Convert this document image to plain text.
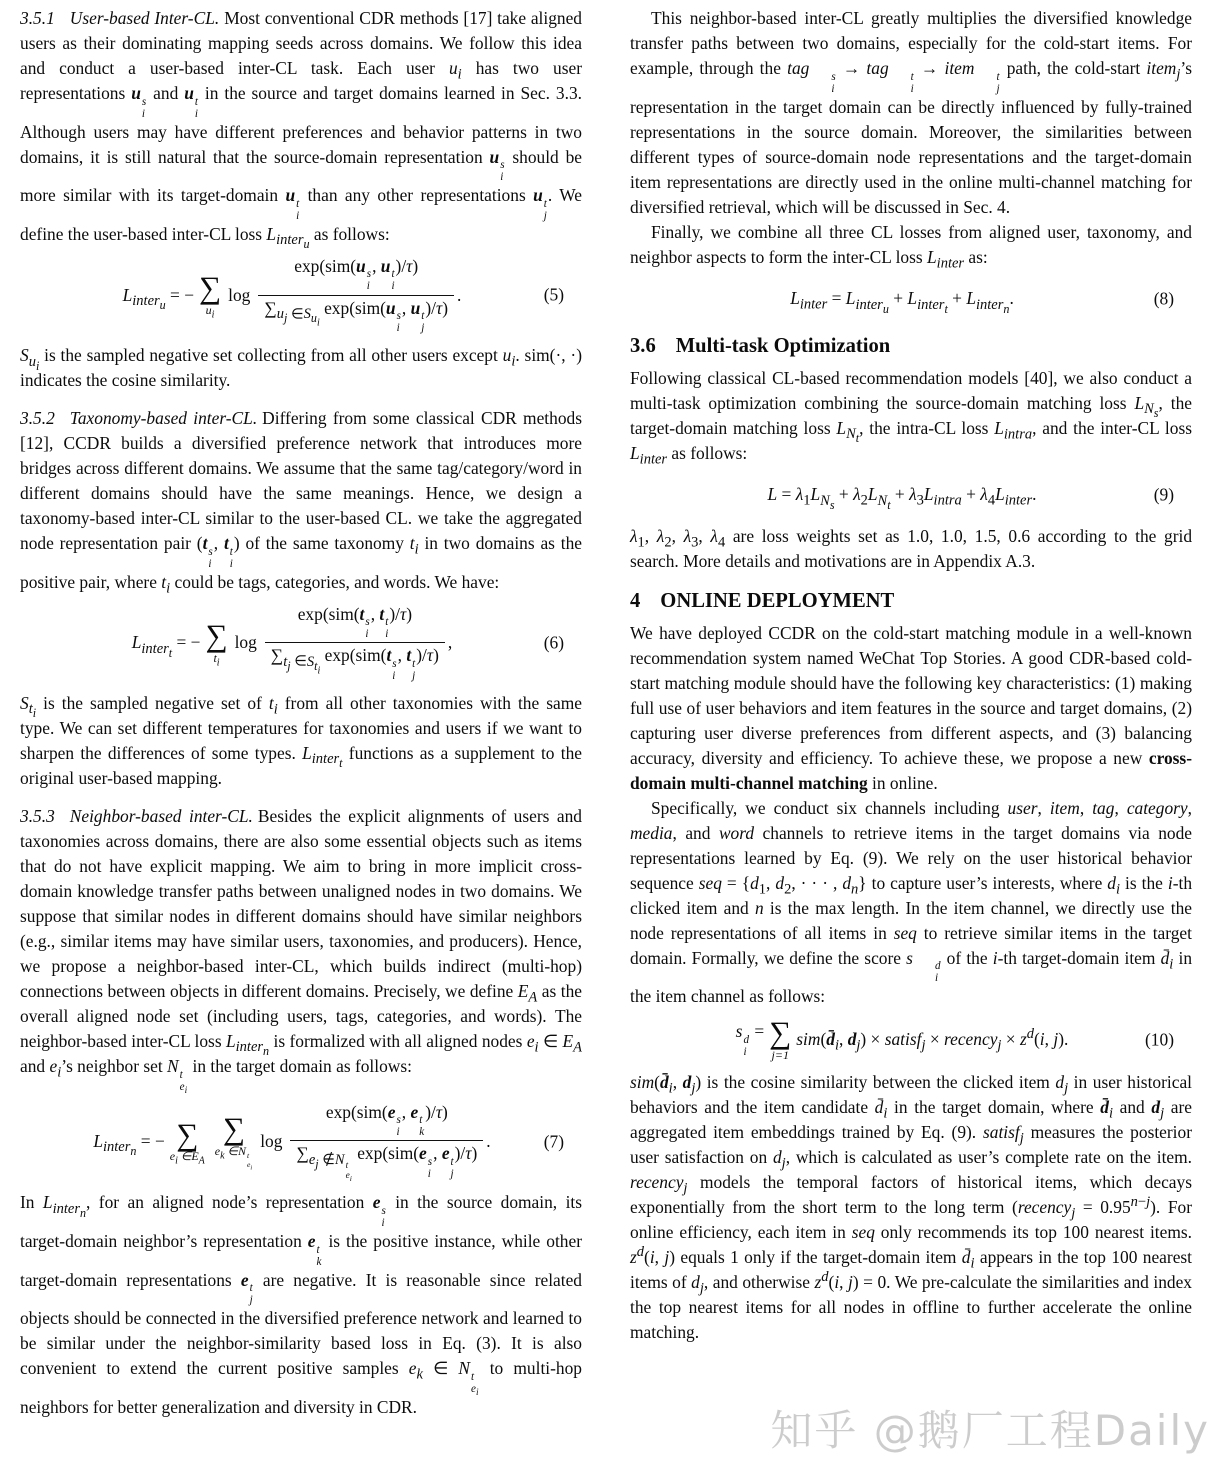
知乎 @鹅厂工程Daily

3.5.1 User-based Inter-CL. Most conventional CDR methods [17] take aligned users as their dominating mapping seeds across domains. We follow this idea and conduct a user-based inter-CL task. Each user $u_i$ has two user representations u s
i
and u t
i
in the source and target domains learned in Sec. 3.3. Although users may have different preferences and behavior patterns in two domains, it is still natural that the source-domain representation u s
i
should be more similar with its target-domain u t
i
than any other representations u t
j
. We define the user-based inter-CL loss $L_{inter_u}$ as follows:

$L_{inter_u}$ = − ∑
$u_i$
log exp(sim(u s
i
, u t
i
)/τ)
$\sum_{u_j \in S_{u_i}}$ exp(sim(u s
i
, u t
j
)/τ) .	(5)

$S_{u_i}$ is the sampled negative set collecting from all other users except $u_i$. sim(·, ·) indicates the cosine similarity.

3.5.2 Taxonomy-based inter-CL. Differing from some classical CDR methods [12], CCDR builds a diversified preference network that introduces more bridges across different domains. We assume that the same tag/category/word in different domains should have the same meanings. Hence, we design a taxonomy-based inter-CL similar to the user-based CL. we take the aggregated node representation pair (t s
i
, t t
i
) of the same taxonomy $t_i$ in two domains as the positive pair, where $t_i$ could be tags, categories, and words. We have:

$L_{inter_t}$ = − ∑
$t_i$
log exp(sim(t s
i
, t t
i
)/τ)
$\sum_{t_j \in S_{t_i}}$ exp(sim(t s
i
, t t
j
)/τ) ,	(6)

$S_{t_i}$ is the sampled negative set of $t_i$ from all other taxonomies with the same type. We can set different temperatures for taxonomies and users if we want to sharpen the differences of some types. $L_{inter_t}$ functions as a supplement to the original user-based mapping.

3.5.3 Neighbor-based inter-CL. Besides the explicit alignments of users and taxonomies across domains, there are also some essential objects such as items that do not have explicit mapping. We aim to bring in more implicit cross-domain knowledge transfer paths between unaligned nodes in two domains. We suppose that similar nodes in different domains should have similar neighbors (e.g., similar items may have similar users, taxonomies, and producers). Hence, we propose a neighbor-based inter-CL, which builds indirect (multi-hop) connections between objects in different domains. Precisely, we define $E_A$ as the overall aligned node set (including users, tags, categories, and words). The neighbor-based inter-CL loss $L_{inter_n}$ is formalized with all aligned nodes $e_i$ ∈ $E_A$ and $e_i’s$ neighbor set N t
$e_i$
in the target domain as follows:

$L_{inter_n}$ = − ∑
$e_i$ $\in E_A$
∑
$e_k$ ∈N t
$e_i$
log exp(sim(e s
i
, e t
k
)/τ)
$\sum_{e_j \notin N t e_i}$
exp(sim(e s
i
, e t
j
)/τ) .	(7)

In $L_{inter_n}$, for an aligned node’s representation e s
i
in the source domain, its target-domain neighbor’s representation e t
k
is the positive instance, while other target-domain representations e t
j
are negative. It is reasonable since related objects should be connected in the diversified preference network and learned to be similar under the neighbor-similarity based loss in Eq. (3). It is also convenient to extend the current positive samples $e_k$ ∈ N t
$e_i$
to multi-hop neighbors for better generalization and diversity in CDR.

This neighbor-based inter-CL greatly multiplies the diversified knowledge transfer paths between two domains, especially for the cold-start items. For example, through the tag	s
i
→ tag	t
i
→ item	t
j
path, the cold-start item$_j$’s representation in the target domain can be directly influenced by fully-trained representations in the source domain. Moreover, the similarities between different types of source-domain node representations and the target-domain item representations are directly used in the online multi-channel matching for diversified retrieval, which will be discussed in Sec. 4.

Finally, we combine all three CL losses from aligned user, taxonomy, and neighbor aspects to form the inter-CL loss $L_{inter}$ as:

$L_{inter} = L_{inter_u} + L_{inter_t} + L_{inter_n}$.	(8)
3.6 Multi-task Optimization

Following classical CL-based recommendation models [40], we also conduct a multi-task optimization combining the source-domain matching loss $L_{N_s}$, the target-domain matching loss $L_{N_t}$, the intra-CL loss $L_{intra}$, and the inter-CL loss $L_{inter}$ as follows:

$L = \lambda_1L_{N_s} + \lambda_2L_{N_t} + \lambda_3L_{intra} + \lambda_4L_{inter}$.	(9)

$\lambda_1$, $\lambda_2$, $\lambda_3$, $\lambda_4$ are loss weights set as 1.0, 1.0, 1.5, 0.6 according to the grid search. More details and motivations are in Appendix A.3.

4 ONLINE DEPLOYMENT

We have deployed CCDR on the cold-start matching module in a well-known recommendation system named WeChat Top Stories. A good CDR-based cold-start matching module should have the following key characteristics: (1) making full use of user behaviors and item features in the source and target domains, (2) capturing user diverse preferences from different aspects, and (3) balancing accuracy, diversity and efficiency. To achieve these, we propose a new cross-domain multi-channel matching in online.

Specifically, we conduct six channels including user, item, tag, category, media, and word channels to retrieve items in the target domains via node representations learned by Eq. (9). We rely on the user historical behavior sequence seq = {$d_1$, $d_2$, · · · , $d_n$} to capture user’s interests, where $d_i$ is the i-th clicked item and n is the max length. In the item channel, we directly use the node representations of all items in seq to retrieve similar items in the target domain. Formally, we define the score s	d
i
of the i-th target-domain item $d̄_i$ in the item channel as follows:

s d
i
= ∑
j=1
$sim(d̄_i$, $d_j$) × satisf$_j$ × recency$_j$ × $z^d(i$, j).	(10)

$sim(d̄_i$, $d_j$) is the cosine similarity between the clicked item $d_j$ in user historical behaviors and the item candidate $d̄_i$ in the target domain, where $d̄_i$ and $d_j$ are aggregated item embeddings trained by Eq. (9). satisf$_j$ measures the posterior user satisfaction on $d_j$, which is calculated as user’s complete rate on the item. recency$_j$ models the temporal factors of historical items, which decays exponentially from the short term to the long term (recency$_j$ = $0.95^{n-j}$). For online efficiency, each item in seq only recommends its top 100 nearest items. $z^d(i$, j) equals 1 only if the target-domain item $d̄_i$ appears in the top 100 nearest items of $d_j$, and otherwise $z^d(i$, j) = 0. We pre-calculate the similarities and index the top nearest items for all nodes in offline to further accelerate the online matching.
